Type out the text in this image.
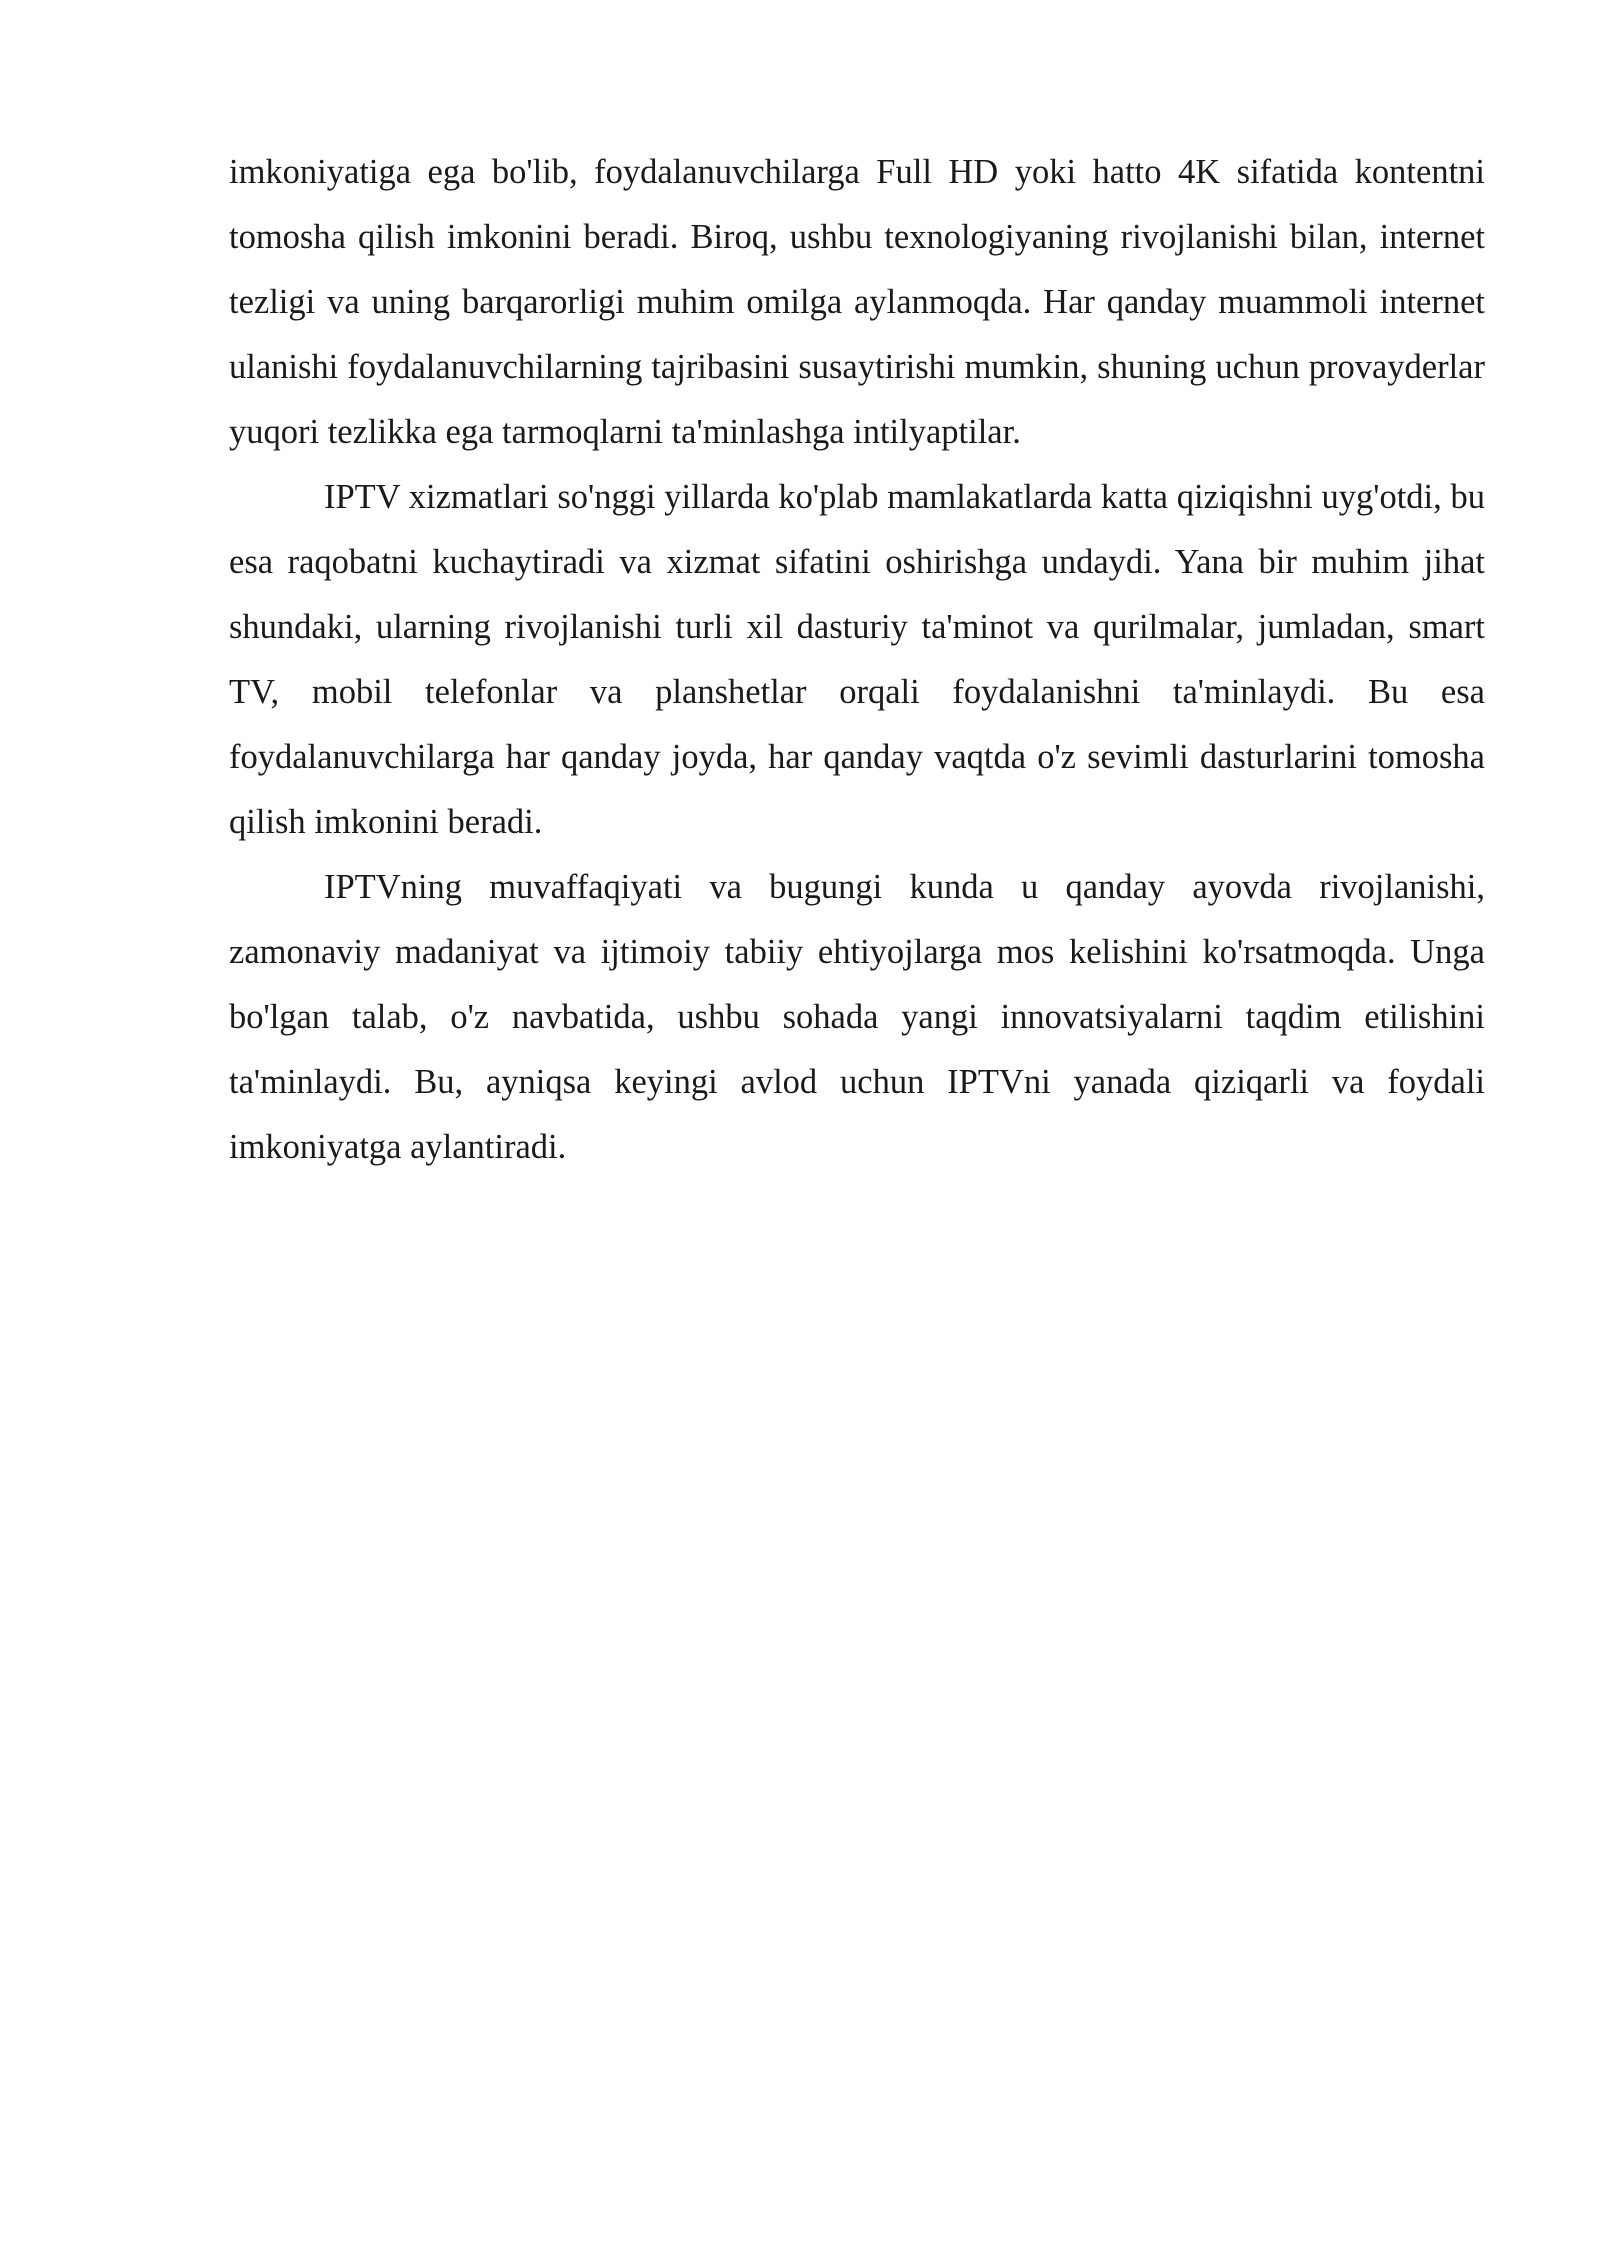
imkoniyatiga ega bo'lib, foydalanuvchilarga Full HD yoki hatto 4K sifatida kontentni tomosha qilish imkonini beradi. Biroq, ushbu texnologiyaning rivojlanishi bilan, internet tezligi va uning barqarorligi muhim omilga aylanmoqda. Har qanday muammoli internet ulanishi foydalanuvchilarning tajribasini susaytirishi mumkin, shuning uchun provayderlar yuqori tezlikka ega tarmoqlarni ta'minlashga intilyaptilar.

IPTV xizmatlari so'nggi yillarda ko'plab mamlakatlarda katta qiziqishni uyg'otdi, bu esa raqobatni kuchaytiradi va xizmat sifatini oshirishga undaydi. Yana bir muhim jihat shundaki, ularning rivojlanishi turli xil dasturiy ta'minot va qurilmalar, jumladan, smart TV, mobil telefonlar va planshetlar orqali foydalanishni ta'minlaydi. Bu esa foydalanuvchilarga har qanday joyda, har qanday vaqtda o'z sevimli dasturlarini tomosha qilish imkonini beradi.

IPTVning muvaffaqiyati va bugungi kunda u qanday ayovda rivojlanishi, zamonaviy madaniyat va ijtimoiy tabiiy ehtiyojlarga mos kelishini ko'rsatmoqda. Unga bo'lgan talab, o'z navbatida, ushbu sohada yangi innovatsiyalarni taqdim etilishini ta'minlaydi. Bu, ayniqsa keyingi avlod uchun IPTVni yanada qiziqarli va foydali imkoniyatga aylantiradi.
